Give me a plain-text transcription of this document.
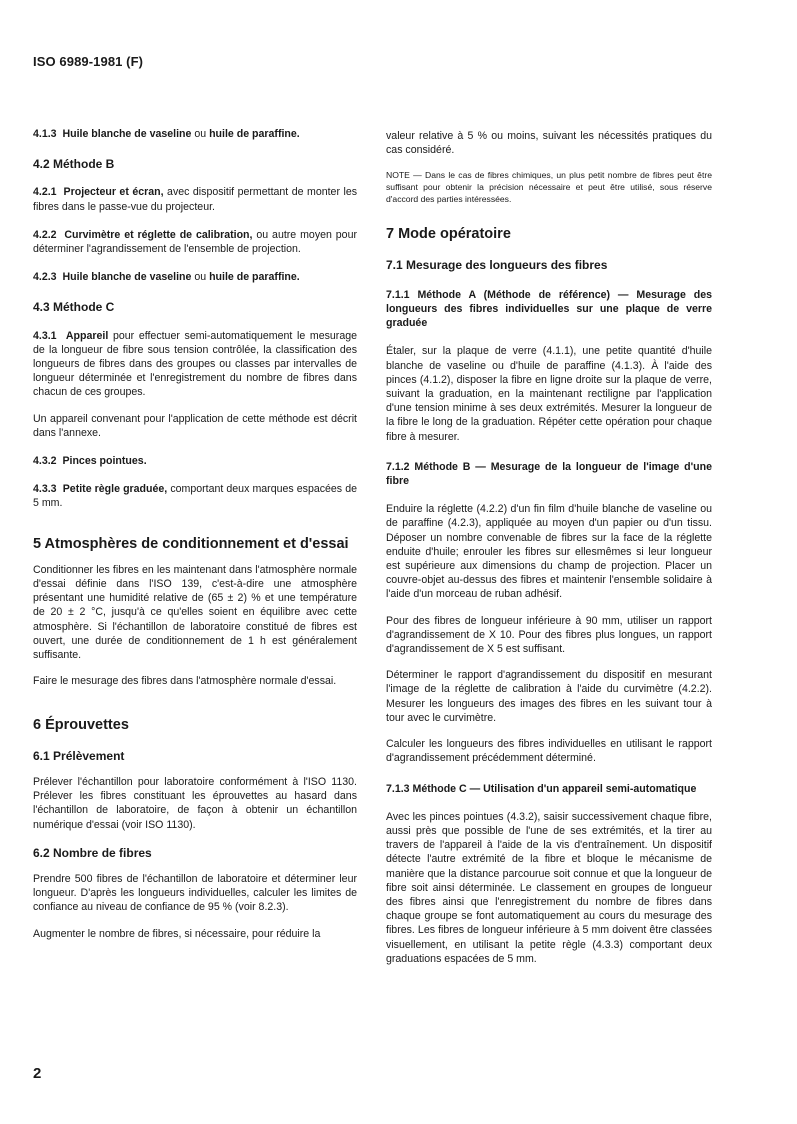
ISO 6989-1981 (F)

4.1.3 Huile blanche de vaseline ou huile de paraffine.

4.2 Méthode B

4.2.1 Projecteur et écran, avec dispositif permettant de monter les fibres dans le passe-vue du projecteur.

4.2.2 Curvimètre et réglette de calibration, ou autre moyen pour déterminer l'agrandissement de l'ensemble de projection.

4.2.3 Huile blanche de vaseline ou huile de paraffine.

4.3 Méthode C

4.3.1 Appareil pour effectuer semi-automatiquement le mesurage de la longueur de fibre sous tension contrôlée, la classification des longueurs de fibres dans des groupes ou classes par intervalles de longueur déterminée et l'enregistrement du nombre de fibres dans chacun de ces groupes.

Un appareil convenant pour l'application de cette méthode est décrit dans l'annexe.

4.3.2 Pinces pointues.

4.3.3 Petite règle graduée, comportant deux marques espacées de 5 mm.

5 Atmosphères de conditionnement et d'essai

Conditionner les fibres en les maintenant dans l'atmosphère normale d'essai définie dans l'ISO 139, c'est-à-dire une atmosphère présentant une humidité relative de (65 ± 2) % et une température de 20 ± 2 °C, jusqu'à ce qu'elles soient en équilibre avec cette atmosphère. Si l'échantillon de laboratoire constitué de fibres est ouvert, une durée de conditionnement de 1 h est généralement suffisante.

Faire le mesurage des fibres dans l'atmosphère normale d'essai.

6 Éprouvettes
6.1 Prélèvement

Prélever l'échantillon pour laboratoire conformément à l'ISO 1130. Prélever les fibres constituant les éprouvettes au hasard dans l'échantillon de laboratoire, de façon à obtenir un échantillon numérique d'essai (voir ISO 1130).

6.2 Nombre de fibres

Prendre 500 fibres de l'échantillon de laboratoire et déterminer leur longueur. D'après les longueurs individuelles, calculer les limites de confiance au niveau de confiance de 95 % (voir 8.2.3).

Augmenter le nombre de fibres, si nécessaire, pour réduire la

valeur relative à 5 % ou moins, suivant les nécessités pratiques du cas considéré.

NOTE — Dans le cas de fibres chimiques, un plus petit nombre de fibres peut être suffisant pour obtenir la précision nécessaire et peut être utilisé, sous réserve d'accord des parties intéressées.

7 Mode opératoire
7.1 Mesurage des longueurs des fibres

7.1.1 Méthode A (Méthode de référence) — Mesurage des longueurs des fibres individuelles sur une plaque de verre graduée

Étaler, sur la plaque de verre (4.1.1), une petite quantité d'huile blanche de vaseline ou d'huile de paraffine (4.1.3). À l'aide des pinces (4.1.2), disposer la fibre en ligne droite sur la plaque de verre, suivant la graduation, en la maintenant rectiligne par l'application d'une tension minime à ses deux extrémités. Mesurer la longueur de la fibre le long de la graduation. Répéter cette opération pour chaque fibre à mesurer.

7.1.2 Méthode B — Mesurage de la longueur de l'image d'une fibre

Enduire la réglette (4.2.2) d'un fin film d'huile blanche de vaseline ou de paraffine (4.2.3), appliquée au moyen d'un papier ou d'un tissu. Déposer un nombre convenable de fibres sur la face de la réglette enduite d'huile; enrouler les fibres sur ellesmêmes si leur longueur est supérieure aux dimensions du champ de projection. Placer un couvre-objet au-dessus des fibres et maintenir l'ensemble solidaire à l'aide d'un morceau de ruban adhésif.

Pour des fibres de longueur inférieure à 90 mm, utiliser un rapport d'agrandissement de X 10. Pour des fibres plus longues, un rapport d'agrandissement de X 5 est suffisant.

Déterminer le rapport d'agrandissement du dispositif en mesurant l'image de la réglette de calibration à l'aide du curvimètre (4.2.2). Mesurer les longueurs des images des fibres en les suivant tour à tour avec le curvimètre.

Calculer les longueurs des fibres individuelles en utilisant le rapport d'agrandissement précédemment déterminé.

7.1.3 Méthode C — Utilisation d'un appareil semi-automatique

Avec les pinces pointues (4.3.2), saisir successivement chaque fibre, aussi près que possible de l'une de ses extrémités, et la tirer au travers de l'appareil à l'aide de la vis d'entraînement. Un dispositif détecte l'autre extrémité de la fibre et bloque le mécanisme de manière que la distance parcourue soit connue et que la longueur de fibre soit ainsi déterminée. Le classement en groupes de longueur des fibres ainsi que l'enregistrement du nombre de fibres dans chaque groupe se font automatiquement au cours du mesurage des fibres. Les fibres de longueur inférieure à 5 mm doivent être classées visuellement, en utilisant la petite règle (4.3.3) comportant deux graduations espacées de 5 mm.

2
